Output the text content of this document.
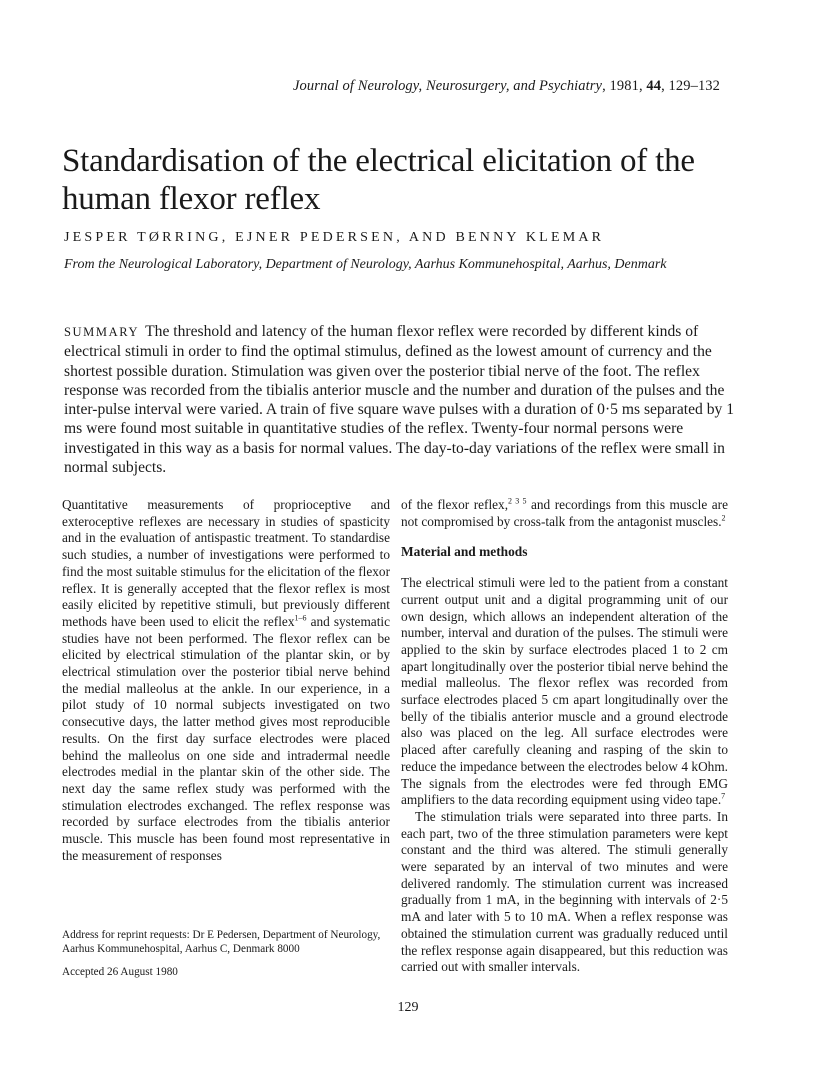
Journal of Neurology, Neurosurgery, and Psychiatry, 1981, 44, 129–132
Standardisation of the electrical elicitation of the human flexor reflex

JESPER TØRRING, EJNER PEDERSEN, AND BENNY KLEMAR

From the Neurological Laboratory, Department of Neurology, Aarhus Kommunehospital, Aarhus, Denmark

SUMMARY The threshold and latency of the human flexor reflex were recorded by different kinds of electrical stimuli in order to find the optimal stimulus, defined as the lowest amount of currency and the shortest possible duration. Stimulation was given over the posterior tibial nerve of the foot. The reflex response was recorded from the tibialis anterior muscle and the number and duration of the pulses and the inter-pulse interval were varied. A train of five square wave pulses with a duration of 0·5 ms separated by 1 ms were found most suitable in quantitative studies of the reflex. Twenty-four normal persons were investigated in this way as a basis for normal values. The day-to-day variations of the reflex were small in normal subjects.

Quantitative measurements of proprioceptive and exteroceptive reflexes are necessary in studies of spasticity and in the evaluation of antispastic treatment. To standardise such studies, a number of investigations were performed to find the most suitable stimulus for the elicitation of the flexor reflex. It is generally accepted that the flexor reflex is most easily elicited by repetitive stimuli, but previously different methods have been used to elicit the reflex$^{1-6}$ and systematic studies have not been performed. The flexor reflex can be elicited by electrical stimulation of the plantar skin, or by electrical stimulation over the posterior tibial nerve behind the medial malleolus at the ankle. In our experience, in a pilot study of 10 normal subjects investigated on two consecutive days, the latter method gives most reproducible results. On the first day surface electrodes were placed behind the malleolus on one side and intradermal needle electrodes medial in the plantar skin of the other side. The next day the same reflex study was performed with the stimulation electrodes exchanged. The reflex response was recorded by surface electrodes from the tibialis anterior muscle. This muscle has been found most representative in the measurement of responses

of the flexor reflex,$^{2 3 5}$ and recordings from this muscle are not compromised by cross-talk from the antagonist muscles.$^2$

Material and methods

The electrical stimuli were led to the patient from a constant current output unit and a digital programming unit of our own design, which allows an independent alteration of the number, interval and duration of the pulses. The stimuli were applied to the skin by surface electrodes placed 1 to 2 cm apart longitudinally over the posterior tibial nerve behind the medial malleolus. The flexor reflex was recorded from surface electrodes placed 5 cm apart longitudinally over the belly of the tibialis anterior muscle and a ground electrode also was placed on the leg. All surface electrodes were placed after carefully cleaning and rasping of the skin to reduce the impedance between the electrodes below 4 kOhm. The signals from the electrodes were fed through EMG amplifiers to the data recording equipment using video tape.$^7$

The stimulation trials were separated into three parts. In each part, two of the three stimulation parameters were kept constant and the third was altered. The stimuli generally were separated by an interval of two minutes and were delivered randomly. The stimulation current was increased gradually from 1 mA, in the beginning with intervals of 2·5 mA and later with 5 to 10 mA. When a reflex response was obtained the stimulation current was gradually reduced until the reflex response again disappeared, but this reduction was carried out with smaller intervals.

Address for reprint requests: Dr E Pedersen, Department of Neurology, Aarhus Kommunehospital, Aarhus C, Denmark 8000
Accepted 26 August 1980
129
